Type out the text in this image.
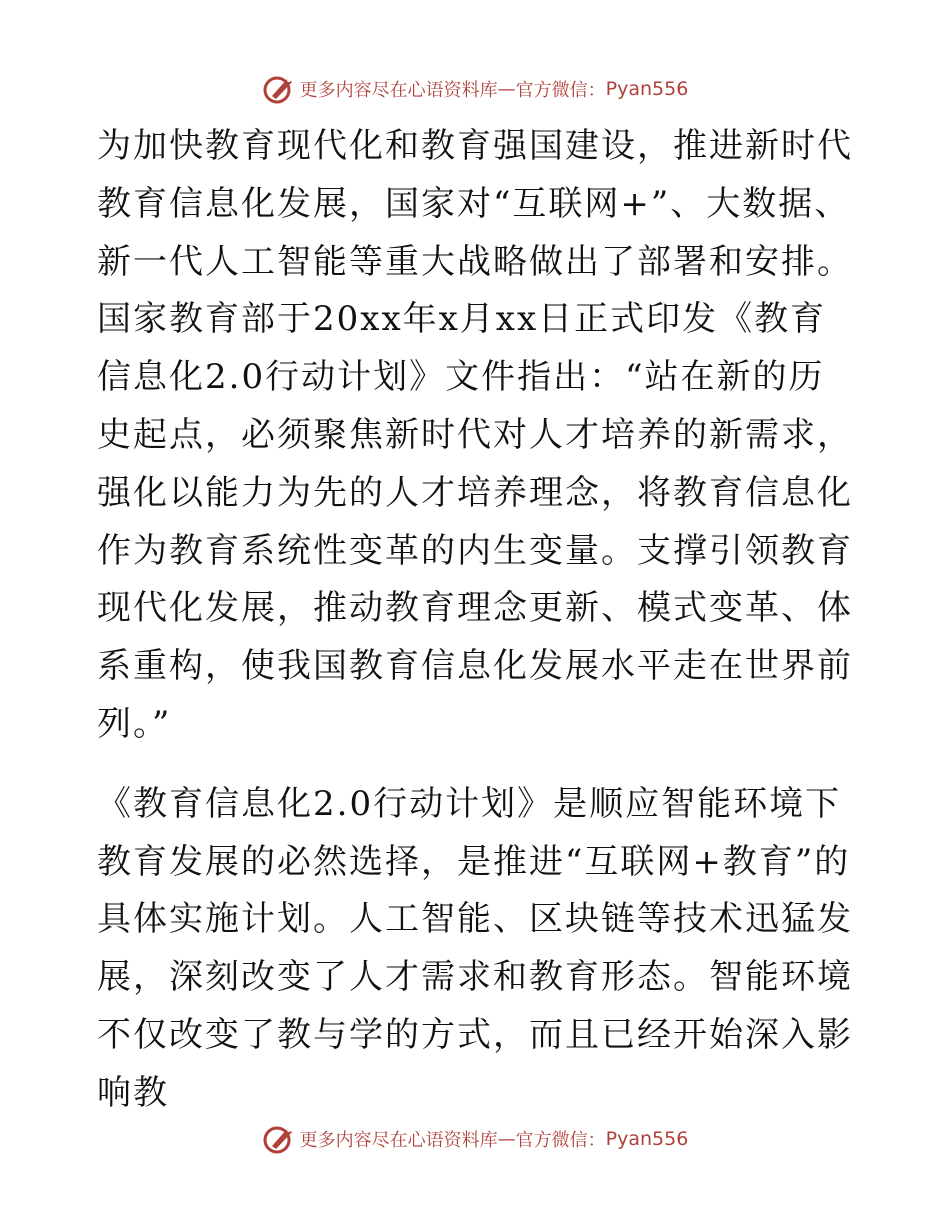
更多内容尽在心语资料库 — 官方微信： Pyan556

为加快教育现代化和教育强国建设，推进新时代教育信息化发展，国家对“互联网+”、大数据、新一代人工智能等重大战略做出了部署和安排。国家教育部于20xx年x月xx日正式印发《教育信息化2.0行动计划》文件指出：“站在新的历史起点，必须聚焦新时代对人才培养的新需求，强化以能力为先的人才培养理念，将教育信息化作为教育系统性变革的内生变量。支撑引领教育现代化发展，推动教育理念更新、模式变革、体系重构，使我国教育信息化发展水平走在世界前列。”

《教育信息化2.0行动计划》是顺应智能环境下教育发展的必然选择，是推进“互联网+教育”的具体实施计划。人工智能、区块链等技术迅猛发展，深刻改变了人才需求和教育形态。智能环境不仅改变了教与学的方式，而且已经开始深入影响教

更多内容尽在心语资料库 — 官方微信： Pyan556
